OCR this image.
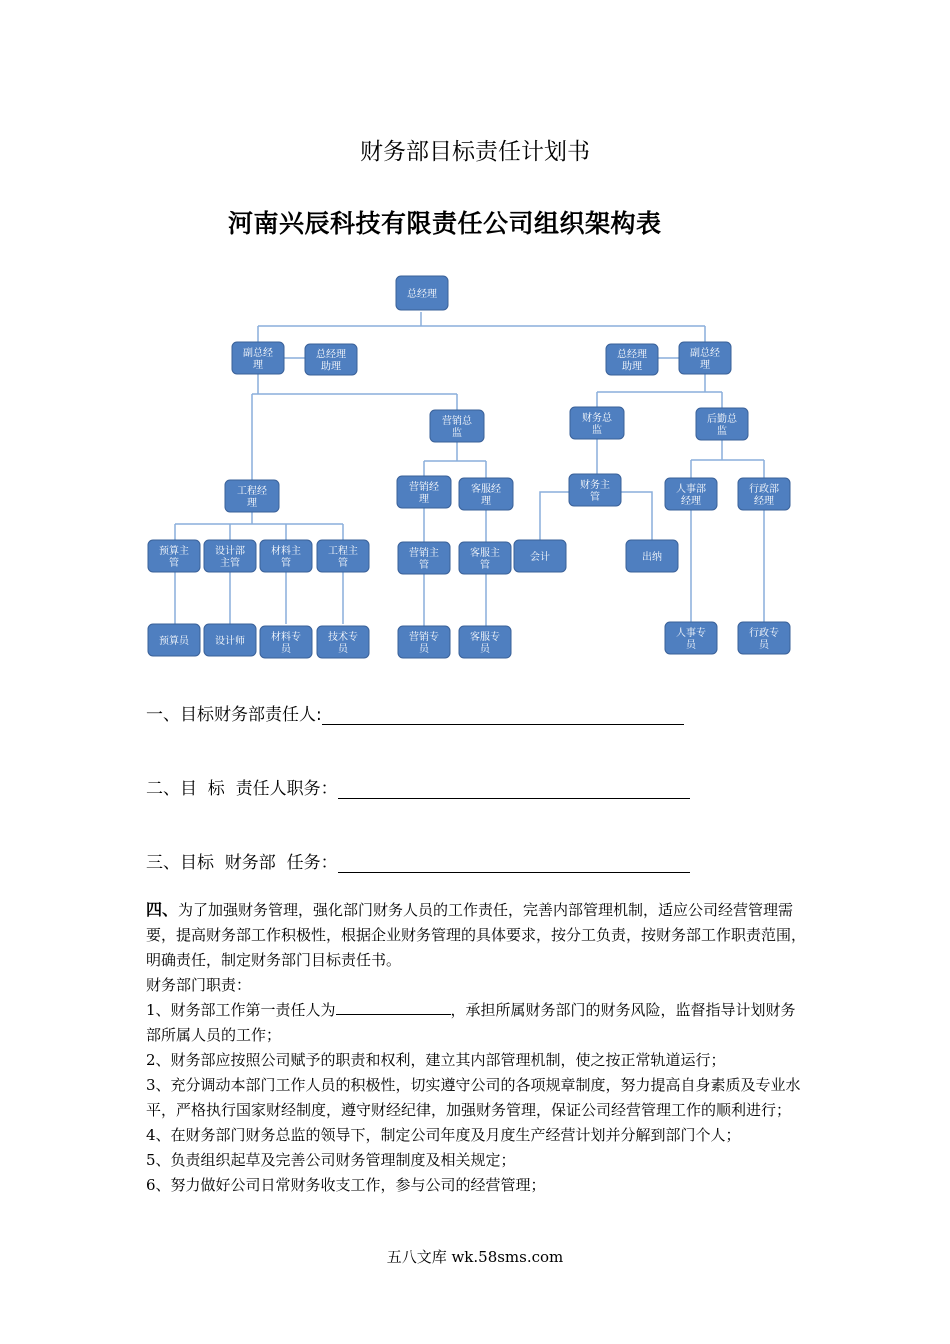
财务部目标责任计划书
河南兴辰科技有限责任公司组织架构表
总经理
副总经
理
总经理
助理
总经理
助理
副总经
理
营销总
监
财务总
监
后勤总
监
工程经
理
营销经
理
客服经
理
财务主
管
人事部
经理
行政部
经理
预算主
管
设计部
主管
材料主
管
工程主
管
营销主
管
客服主
管
会计	出纳
预算员	设计师	材料专
员
技术专
员
营销专
员
客服专
员
人事专
员
行政专
员
一、目标财务部责任人:
二、目  标  责任人职务：
三、目标  财务部  任务：

四、为了加强财务管理，强化部门财务人员的工作责任，完善内部管理机制，适应公司经营管理需要，提高财务部工作积极性，根据企业财务管理的具体要求，按分工负责，按财务部工作职责范围，明确责任，制定财务部门目标责任书。

财务部门职责：

1、财务部工作第一责任人为	，承担所属财务部门的财务风险，监督指导计划财务部所属人员的工作；

2、财务部应按照公司赋予的职责和权利，建立其内部管理机制，使之按正常轨道运行；

3、充分调动本部门工作人员的积极性，切实遵守公司的各项规章制度，努力提高自身素质及专业水平，严格执行国家财经制度，遵守财经纪律，加强财务管理，保证公司经营管理工作的顺利进行；

4、在财务部门财务总监的领导下，制定公司年度及月度生产经营计划并分解到部门个人；

5、负责组织起草及完善公司财务管理制度及相关规定；

6、努力做好公司日常财务收支工作，参与公司的经营管理；

五八文库 wk.58sms.com
